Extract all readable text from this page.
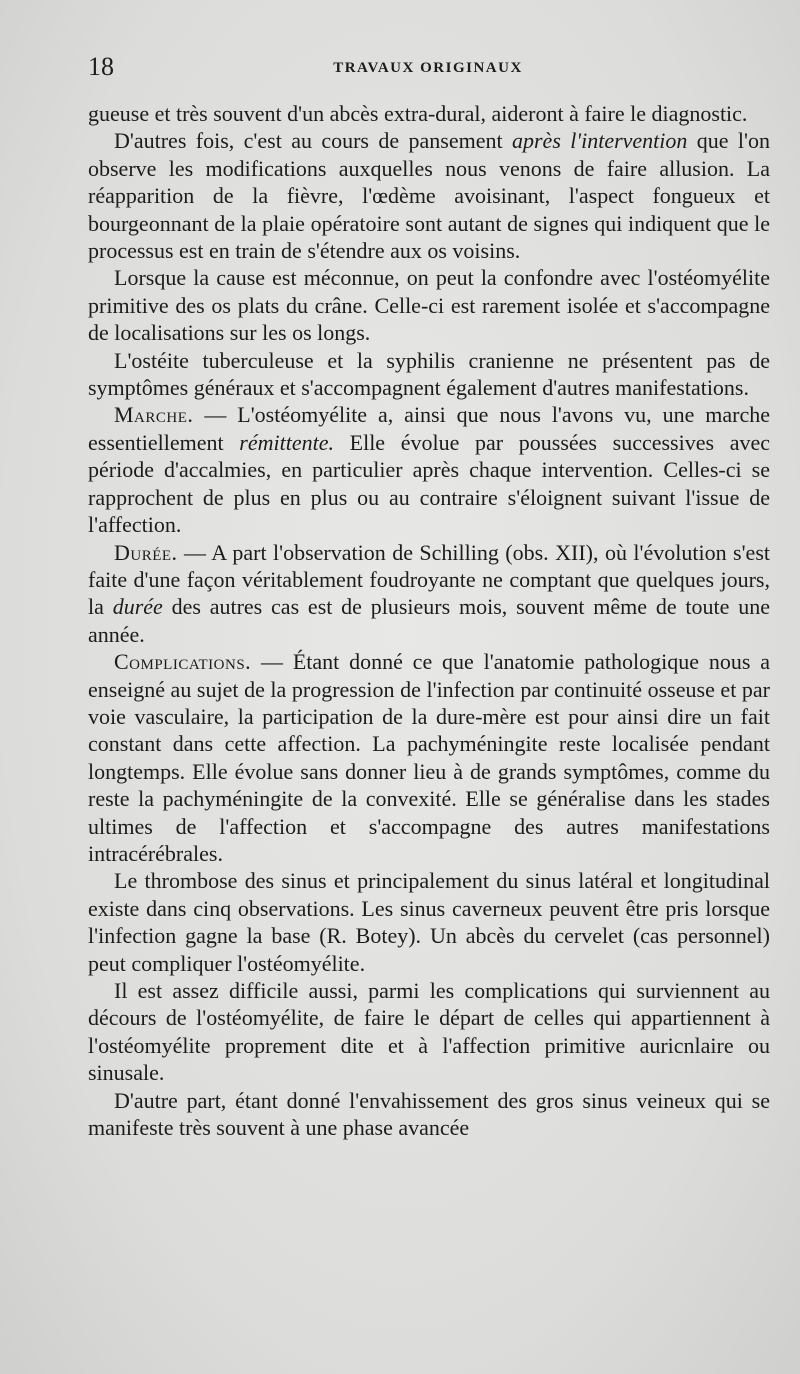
18	TRAVAUX ORIGINAUX

gueuse et très souvent d'un abcès extra-dural, aideront à faire le diagnostic.

D'autres fois, c'est au cours de pansement après l'intervention que l'on observe les modifications auxquelles nous venons de faire allusion. La réapparition de la fièvre, l'œdème avoisinant, l'aspect fongueux et bourgeonnant de la plaie opératoire sont autant de signes qui indiquent que le processus est en train de s'étendre aux os voisins.

Lorsque la cause est méconnue, on peut la confondre avec l'ostéomyélite primitive des os plats du crâne. Celle-ci est rarement isolée et s'accompagne de localisations sur les os longs.

L'ostéite tuberculeuse et la syphilis cranienne ne présentent pas de symptômes généraux et s'accompagnent également d'autres manifestations.

Marche. — L'ostéomyélite a, ainsi que nous l'avons vu, une marche essentiellement rémittente. Elle évolue par poussées successives avec période d'accalmies, en particulier après chaque intervention. Celles-ci se rapprochent de plus en plus ou au contraire s'éloignent suivant l'issue de l'affection.

Durée. — A part l'observation de Schilling (obs. XII), où l'évolution s'est faite d'une façon véritablement foudroyante ne comptant que quelques jours, la durée des autres cas est de plusieurs mois, souvent même de toute une année.

Complications. — Étant donné ce que l'anatomie pathologique nous a enseigné au sujet de la progression de l'infection par continuité osseuse et par voie vasculaire, la participation de la dure-mère est pour ainsi dire un fait constant dans cette affection. La pachyméningite reste localisée pendant longtemps. Elle évolue sans donner lieu à de grands symptômes, comme du reste la pachyméningite de la convexité. Elle se généralise dans les stades ultimes de l'affection et s'accompagne des autres manifestations intracérébrales.

Le thrombose des sinus et principalement du sinus latéral et longitudinal existe dans cinq observations. Les sinus caverneux peuvent être pris lorsque l'infection gagne la base (R. Botey). Un abcès du cervelet (cas personnel) peut compliquer l'ostéomyélite.

Il est assez difficile aussi, parmi les complications qui surviennent au décours de l'ostéomyélite, de faire le départ de celles qui appartiennent à l'ostéomyélite proprement dite et à l'affection primitive auricnlaire ou sinusale.

D'autre part, étant donné l'envahissement des gros sinus veineux qui se manifeste très souvent à une phase avancée
